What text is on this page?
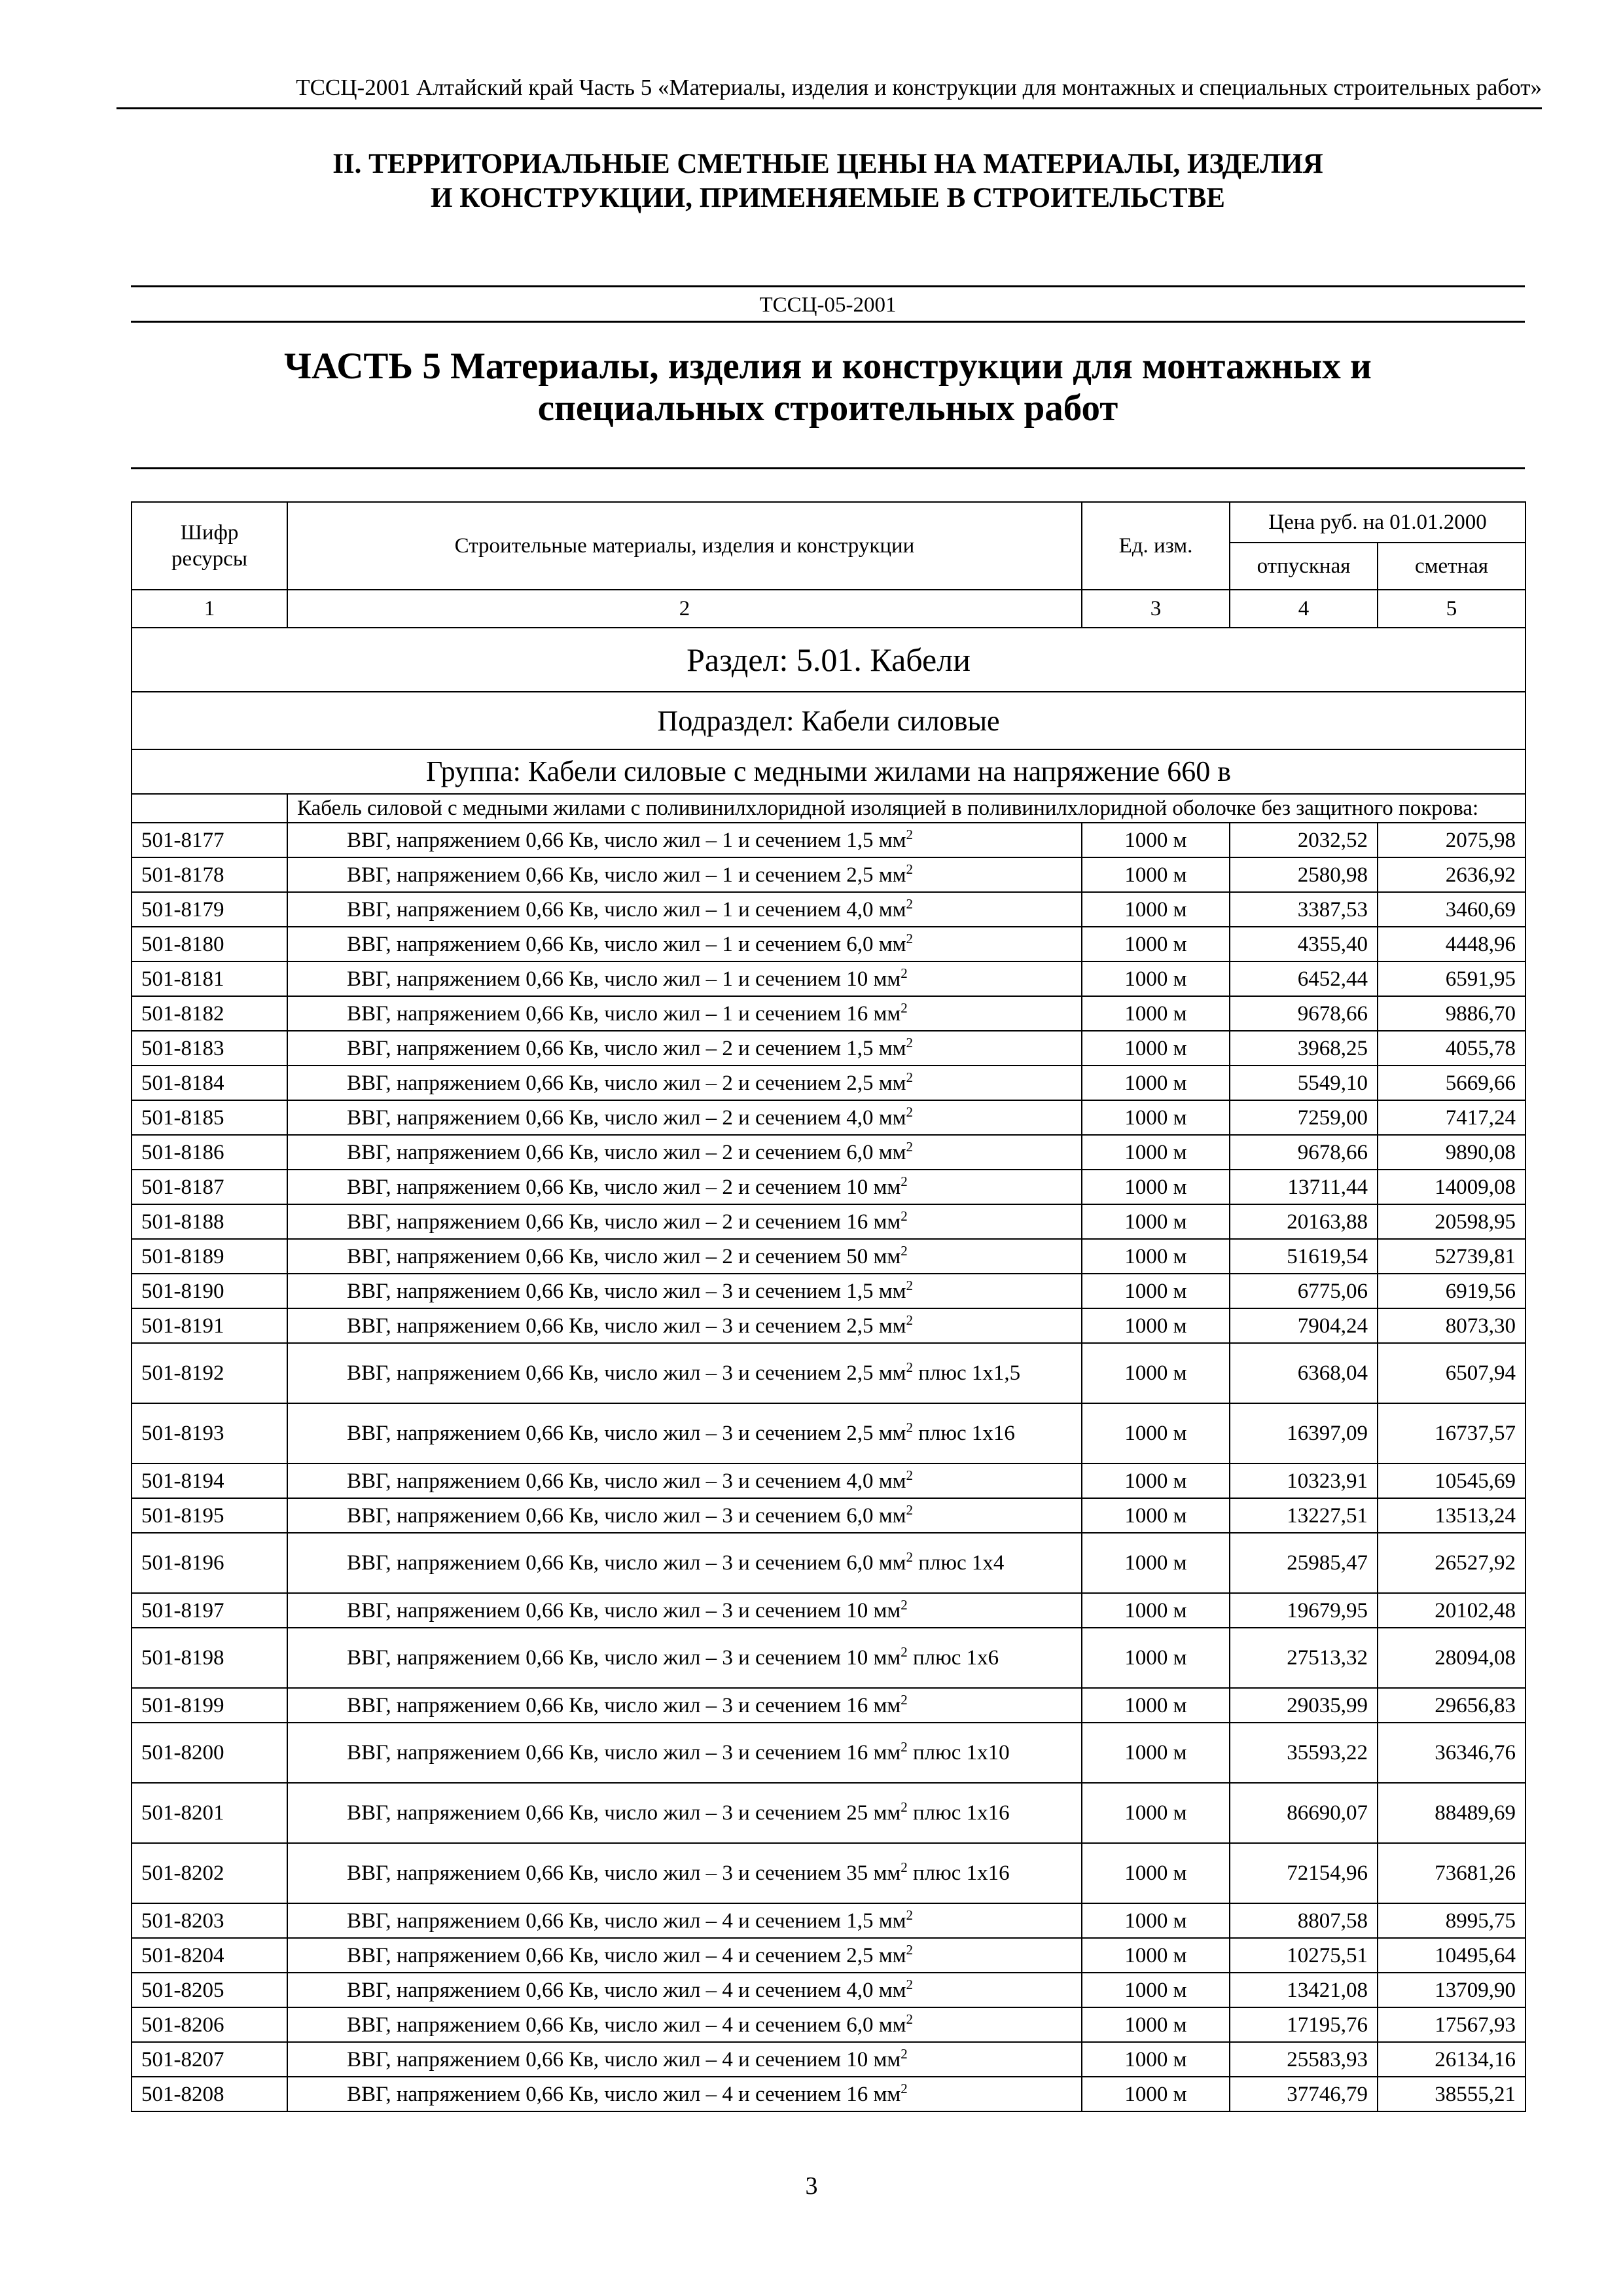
ТССЦ-2001 Алтайский край Часть 5 «Материалы, изделия и конструкции для монтажных и специальных строительных работ»
II. ТЕРРИТОРИАЛЬНЫЕ СМЕТНЫЕ ЦЕНЫ НА МАТЕРИАЛЫ, ИЗДЕЛИЯ
И КОНСТРУКЦИИ, ПРИМЕНЯЕМЫЕ В СТРОИТЕЛЬСТВЕ
ТССЦ-05-2001
ЧАСТЬ 5 Материалы, изделия и конструкции для монтажных и
специальных строительных работ
Шифр ресурсы	Строительные материалы, изделия и конструкции	Ед. изм.	Цена руб. на 01.01.2000	
			отпускная	сметная
1	2	3	4	5
Раздел: 5.01. Кабели				
Подраздел: Кабели силовые				
Группа: Кабели силовые с медными жилами на напряжение 660 в				
	Кабель силовой с медными жилами с поливинилхлоридной изоляцией в поливинилхлоридной оболочке без защитного покрова:			
501-8177	ВВГ, напряжением 0,66 Кв, число жил – 1 и сечением 1,5 $мм^2$	1000 м	2032,52	2075,98
501-8178	ВВГ, напряжением 0,66 Кв, число жил – 1 и сечением 2,5 $мм^2$	1000 м	2580,98	2636,92
501-8179	ВВГ, напряжением 0,66 Кв, число жил – 1 и сечением 4,0 $мм^2$	1000 м	3387,53	3460,69
501-8180	ВВГ, напряжением 0,66 Кв, число жил – 1 и сечением 6,0 $мм^2$	1000 м	4355,40	4448,96
501-8181	ВВГ, напряжением 0,66 Кв, число жил – 1 и сечением 10 $мм^2$	1000 м	6452,44	6591,95
501-8182	ВВГ, напряжением 0,66 Кв, число жил – 1 и сечением 16 $мм^2$	1000 м	9678,66	9886,70
501-8183	ВВГ, напряжением 0,66 Кв, число жил – 2 и сечением 1,5 $мм^2$	1000 м	3968,25	4055,78
501-8184	ВВГ, напряжением 0,66 Кв, число жил – 2 и сечением 2,5 $мм^2$	1000 м	5549,10	5669,66
501-8185	ВВГ, напряжением 0,66 Кв, число жил – 2 и сечением 4,0 $мм^2$	1000 м	7259,00	7417,24
501-8186	ВВГ, напряжением 0,66 Кв, число жил – 2 и сечением 6,0 $мм^2$	1000 м	9678,66	9890,08
501-8187	ВВГ, напряжением 0,66 Кв, число жил – 2 и сечением 10 $мм^2$	1000 м	13711,44	14009,08
501-8188	ВВГ, напряжением 0,66 Кв, число жил – 2 и сечением 16 $мм^2$	1000 м	20163,88	20598,95
501-8189	ВВГ, напряжением 0,66 Кв, число жил – 2 и сечением 50 $мм^2$	1000 м	51619,54	52739,81
501-8190	ВВГ, напряжением 0,66 Кв, число жил – 3 и сечением 1,5 $мм^2$	1000 м	6775,06	6919,56
501-8191	ВВГ, напряжением 0,66 Кв, число жил – 3 и сечением 2,5 $мм^2$	1000 м	7904,24	8073,30
501-8192	ВВГ, напряжением 0,66 Кв, число жил – 3 и сечением 2,5 $мм^2$ плюс 1х1,5	1000 м	6368,04	6507,94
501-8193	ВВГ, напряжением 0,66 Кв, число жил – 3 и сечением 2,5 $мм^2$ плюс 1х16	1000 м	16397,09	16737,57
501-8194	ВВГ, напряжением 0,66 Кв, число жил – 3 и сечением 4,0 $мм^2$	1000 м	10323,91	10545,69
501-8195	ВВГ, напряжением 0,66 Кв, число жил – 3 и сечением 6,0 $мм^2$	1000 м	13227,51	13513,24
501-8196	ВВГ, напряжением 0,66 Кв, число жил – 3 и сечением 6,0 $мм^2$ плюс 1х4	1000 м	25985,47	26527,92
501-8197	ВВГ, напряжением 0,66 Кв, число жил – 3 и сечением 10 $мм^2$	1000 м	19679,95	20102,48
501-8198	ВВГ, напряжением 0,66 Кв, число жил – 3 и сечением 10 $мм^2$ плюс 1х6	1000 м	27513,32	28094,08
501-8199	ВВГ, напряжением 0,66 Кв, число жил – 3 и сечением 16 $мм^2$	1000 м	29035,99	29656,83
501-8200	ВВГ, напряжением 0,66 Кв, число жил – 3 и сечением 16 $мм^2$ плюс 1х10	1000 м	35593,22	36346,76
501-8201	ВВГ, напряжением 0,66 Кв, число жил – 3 и сечением 25 $мм^2$ плюс 1х16	1000 м	86690,07	88489,69
501-8202	ВВГ, напряжением 0,66 Кв, число жил – 3 и сечением 35 $мм^2$ плюс 1х16	1000 м	72154,96	73681,26
501-8203	ВВГ, напряжением 0,66 Кв, число жил – 4 и сечением 1,5 $мм^2$	1000 м	8807,58	8995,75
501-8204	ВВГ, напряжением 0,66 Кв, число жил – 4 и сечением 2,5 $мм^2$	1000 м	10275,51	10495,64
501-8205	ВВГ, напряжением 0,66 Кв, число жил – 4 и сечением 4,0 $мм^2$	1000 м	13421,08	13709,90
501-8206	ВВГ, напряжением 0,66 Кв, число жил – 4 и сечением 6,0 $мм^2$	1000 м	17195,76	17567,93
501-8207	ВВГ, напряжением 0,66 Кв, число жил – 4 и сечением 10 $мм^2$	1000 м	25583,93	26134,16
501-8208	ВВГ, напряжением 0,66 Кв, число жил – 4 и сечением 16 $мм^2$	1000 м	37746,79	38555,21
3
